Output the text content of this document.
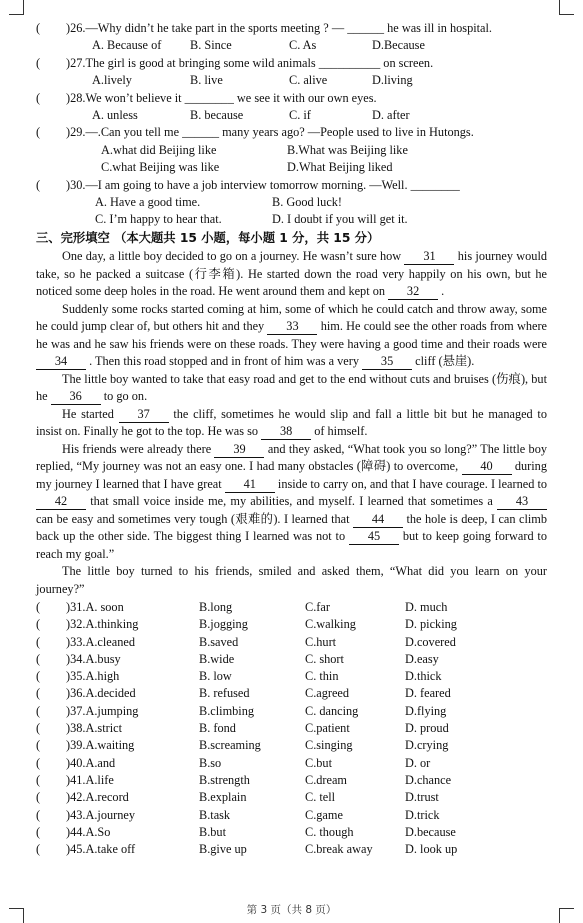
( )26.—Why didn’t he take part in the sports meeting ? — ______ he was ill in hospital.
A. Because of B. Since	C. As	D.Because
( )27.The girl is good at bringing some wild animals __________ on screen.
A.lively	B. live	C. alive	D.living
( )28.We won’t believe it ________ we see it with our own eyes.
A. unless	B. because	C. if	D. after
( )29.—.Can you tell me ______ many years ago? —People used to live in Hutongs.
A.what did Beijing like	B.What was Beijing like
C.what Beijing was like	D.What Beijing liked
( )30.—I am going to have a job interview tomorrow morning. —Well. ________
A. Have a good time.	B. Good luck!
C. I’m happy to hear that.	D. I doubt if you will get it.
三、完形填空 （本大题共 15 小题，每小题 1 分，共 15 分）

One day, a little boy decided to go on a journey. He wasn’t sure how 31 his journey would take, so he packed a suitcase (行李箱). He started down the road very happily on his own, but he noticed some deep holes in the road. He went around them and kept on 32 .

Suddenly some rocks started coming at him, some of which he could catch and throw away, some he could jump clear of, but others hit and they 33 him. He could see the other roads from where he was and he saw his friends were on these roads. They were having a good time and their roads were 34 . Then this road stopped and in front of him was a very 35 cliff (悬崖).

The little boy wanted to take that easy road and get to the end without cuts and bruises (伤痕), but he 36 to go on.

He started 37 the cliff, sometimes he would slip and fall a little bit but he managed to insist on. Finally he got to the top. He was so 38 of himself.

His friends were already there 39 and they asked, “What took you so long?” The little boy replied, “My journey was not an easy one. I had many obstacles (障碍) to overcome, 40 during my journey I learned that I have great 41 inside to carry on, and that I have courage. I learned to 42 that small voice inside me, my abilities, and myself. I learned that sometimes a 43 can be easy and sometimes very tough (艰难的). I learned that 44 the hole is deep, I can climb back up the other side. The biggest thing I learned was not to 45 but to keep going forward to reach my goal.”

The little boy turned to his friends, smiled and asked them, “What did you learn on your journey?”

( )31.A. soon	B.long	C.far	D. much
( )32.A.thinking	B.jogging	C.walking	D. picking
( )33.A.cleaned	B.saved	C.hurt	D.covered
( )34.A.busy	B.wide	C. short	D.easy
( )35.A.high	B. low	C. thin	D.thick
( )36.A.decided	B. refused	C.agreed	D. feared
( )37.A.jumping	B.climbing	C. dancing	D.flying
( )38.A.strict	B. fond	C.patient	D. proud
( )39.A.waiting	B.screaming	C.singing	D.crying
( )40.A.and	B.so	C.but	D. or
( )41.A.life	B.strength	C.dream	D.chance
( )42.A.record	B.explain	C. tell	D.trust
( )43.A.journey	B.task	C.game	D.trick
( )44.A.So	B.but	C. though	D.because
( )45.A.take off	B.give up	C.break away	D. look up
第 3 页（共 8 页）
